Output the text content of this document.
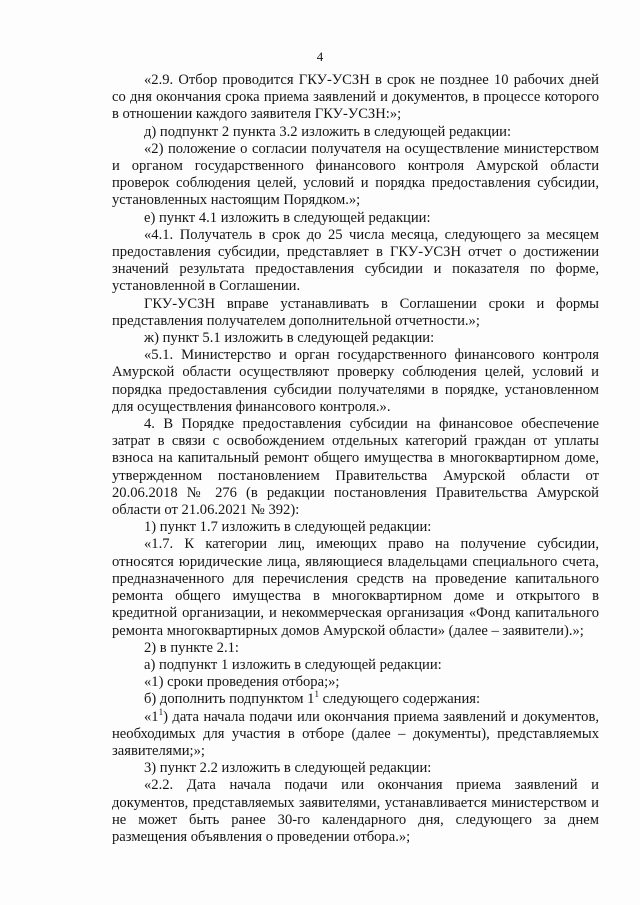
4

«2.9. Отбор проводится ГКУ-УСЗН в срок не позднее 10 рабочих дней со дня окончания срока приема заявлений и документов, в процессе которого в отношении каждого заявителя ГКУ-УСЗН:»;

д) подпункт 2 пункта 3.2 изложить в следующей редакции:

«2) положение о согласии получателя на осуществление министерством и органом государственного финансового контроля Амурской области проверок соблюдения целей, условий и порядка предоставления субсидии, установленных настоящим Порядком.»;

е) пункт 4.1 изложить в следующей редакции:

«4.1. Получатель в срок до 25 числа месяца, следующего за месяцем предоставления субсидии, представляет в ГКУ-УСЗН отчет о достижении значений результата предоставления субсидии и показателя по форме, установленной в Соглашении.

ГКУ-УСЗН вправе устанавливать в Соглашении сроки и формы представления получателем дополнительной отчетности.»;

ж) пункт 5.1 изложить в следующей редакции:

«5.1. Министерство и орган государственного финансового контроля Амурской области осуществляют проверку соблюдения целей, условий и порядка предоставления субсидии получателями в порядке, установленном для осуществления финансового контроля.».

4. В Порядке предоставления субсидии на финансовое обеспечение затрат в связи с освобождением отдельных категорий граждан от уплаты взноса на капитальный ремонт общего имущества в многоквартирном доме, утвержденном постановлением Правительства Амурской области от 20.06.2018 № 276 (в редакции постановления Правительства Амурской области от 21.06.2021 № 392):

1) пункт 1.7 изложить в следующей редакции:

«1.7. К категории лиц, имеющих право на получение субсидии, относятся юридические лица, являющиеся владельцами специального счета, предназначенного для перечисления средств на проведение капитального ремонта общего имущества в многоквартирном доме и открытого в кредитной организации, и некоммерческая организация «Фонд капитального ремонта многоквартирных домов Амурской области» (далее – заявители).»;

2) в пункте 2.1:

а) подпункт 1 изложить в следующей редакции:

«1) сроки проведения отбора;»;

б) дополнить подпунктом $1^1$ следующего содержания:

«$1^1$) дата начала подачи или окончания приема заявлений и документов, необходимых для участия в отборе (далее – документы), представляемых заявителями;»;

3) пункт 2.2 изложить в следующей редакции:

«2.2. Дата начала подачи или окончания приема заявлений и документов, представляемых заявителями, устанавливается министерством и не может быть ранее 30-го календарного дня, следующего за днем размещения объявления о проведении отбора.»;
